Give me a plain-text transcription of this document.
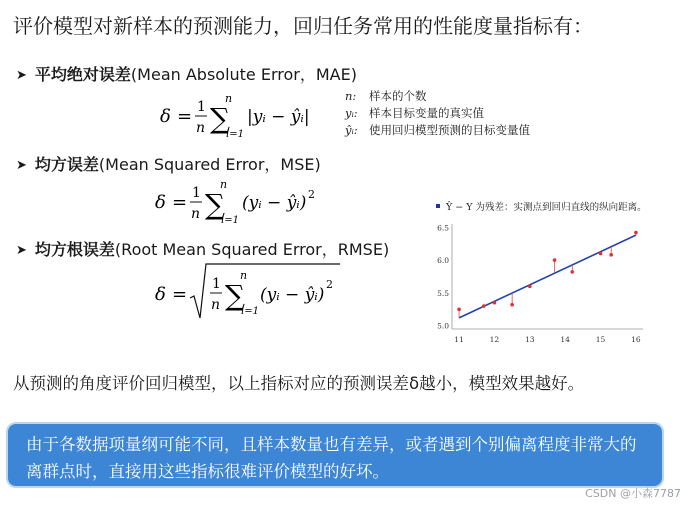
评价模型对新样本的预测能力，回归任务常用的性能度量指标有：
➤ 平均绝对误差(Mean Absolute Error，MAE)
δ = 1
n ∑
n
i=1
|yᵢ − ŷᵢ|
n: 样本的个数
yᵢ: 样本目标变量的真实值
ŷᵢ: 使用回归模型预测的目标变量值
➤ 均方误差(Mean Squared Error，MSE)
δ = 1
n ∑
n
i=1
(yᵢ − ŷᵢ) 2
➤ 均方根误差(Root Mean Squared Error，RMSE)
δ = 1
n ∑
n
i=1
(yᵢ − ŷᵢ)
2
Ŷ − Y 为残差：实测点到回归直线的纵向距离。
11	12	13	14	15	16
5.0
5.5
6.0
6.5
从预测的角度评价回归模型，以上指标对应的预测误差δ越小，模型效果越好。
由于各数据项量纲可能不同，且样本数量也有差异，或者遇到个别偏离程度非常大的离群点时，直接用这些指标很难评价模型的好坏。
CSDN @小森7787
